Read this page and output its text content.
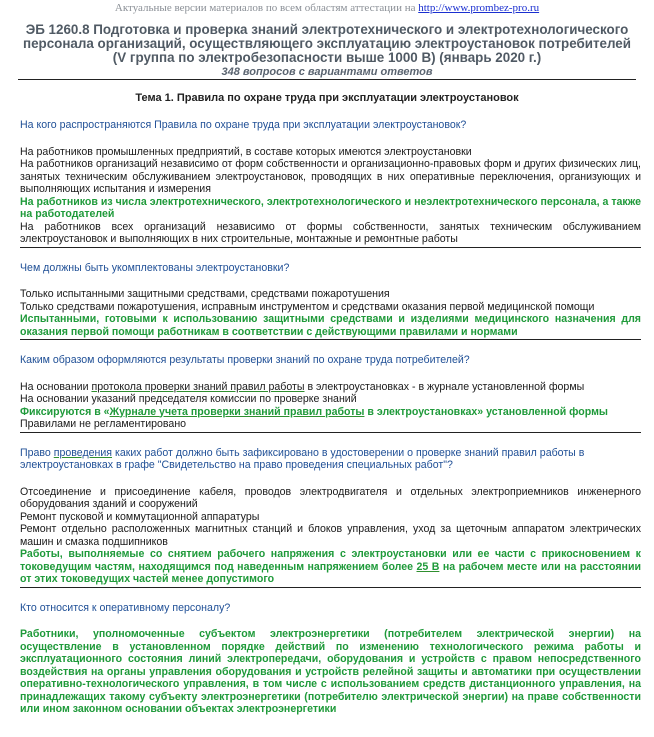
Актуальные версии материалов по всем областям аттестации на http://www.prombez-pro.ru
ЭБ 1260.8 Подготовка и проверка знаний электротехнического и электротехнологического персонала организаций, осуществляющего эксплуатацию электроустановок потребителей (V группа по электробезопасности выше 1000 В) (январь 2020 г.)
348 вопросов с вариантами ответов
Тема 1. Правила по охране труда при эксплуатации электроустановок
На кого распространяются Правила по охране труда при эксплуатации электроустановок?
На работников промышленных предприятий, в составе которых имеются электроустановки
На работников организаций независимо от форм собственности и организационно-правовых форм и других физических лиц, занятых техническим обслуживанием электроустановок, проводящих в них оперативные переключения, организующих и выполняющих испытания и измерения
На работников из числа электротехнического, электротехнологического и неэлектротехнического персонала, а также на работодателей
На работников всех организаций независимо от формы собственности, занятых техническим обслуживанием электроустановок и выполняющих в них строительные, монтажные и ремонтные работы
Чем должны быть укомплектованы электроустановки?
Только испытанными защитными средствами, средствами пожаротушения
Только средствами пожаротушения, исправным инструментом и средствами оказания первой медицинской помощи
Испытанными, готовыми к использованию защитными средствами и изделиями медицинского назначения для оказания первой помощи работникам в соответствии с действующими правилами и нормами
Каким образом оформляются результаты проверки знаний по охране труда потребителей?
На основании протокола проверки знаний правил работы в электроустановках - в журнале установленной формы
На основании указаний председателя комиссии по проверке знаний
Фиксируются в «Журнале учета проверки знаний правил работы в электроустановках» установленной формы
Правилами не регламентировано
Право проведения каких работ должно быть зафиксировано в удостоверении о проверке знаний правил работы в электроустановках в графе "Свидетельство на право проведения специальных работ"?
Отсоединение и присоединение кабеля, проводов электродвигателя и отдельных электроприемников инженерного оборудования зданий и сооружений
Ремонт пусковой и коммутационной аппаратуры
Ремонт отдельно расположенных магнитных станций и блоков управления, уход за щеточным аппаратом электрических машин и смазка подшипников
Работы, выполняемые со снятием рабочего напряжения с электроустановки или ее части с прикосновением к токоведущим частям, находящимся под наведенным напряжением более 25 В на рабочем месте или на расстоянии от этих токоведущих частей менее допустимого
Кто относится к оперативному персоналу?
Работники, уполномоченные субъектом электроэнергетики (потребителем электрической энергии) на осуществление в установленном порядке действий по изменению технологического режима работы и эксплуатационного состояния линий электропередачи, оборудования и устройств с правом непосредственного воздействия на органы управления оборудования и устройств релейной защиты и автоматики при осуществлении оперативно-технологического управления, в том числе с использованием средств дистанционного управления, на принадлежащих такому субъекту электроэнергетики (потребителю электрической энергии) на праве собственности или ином законном основании объектах электроэнергетики
